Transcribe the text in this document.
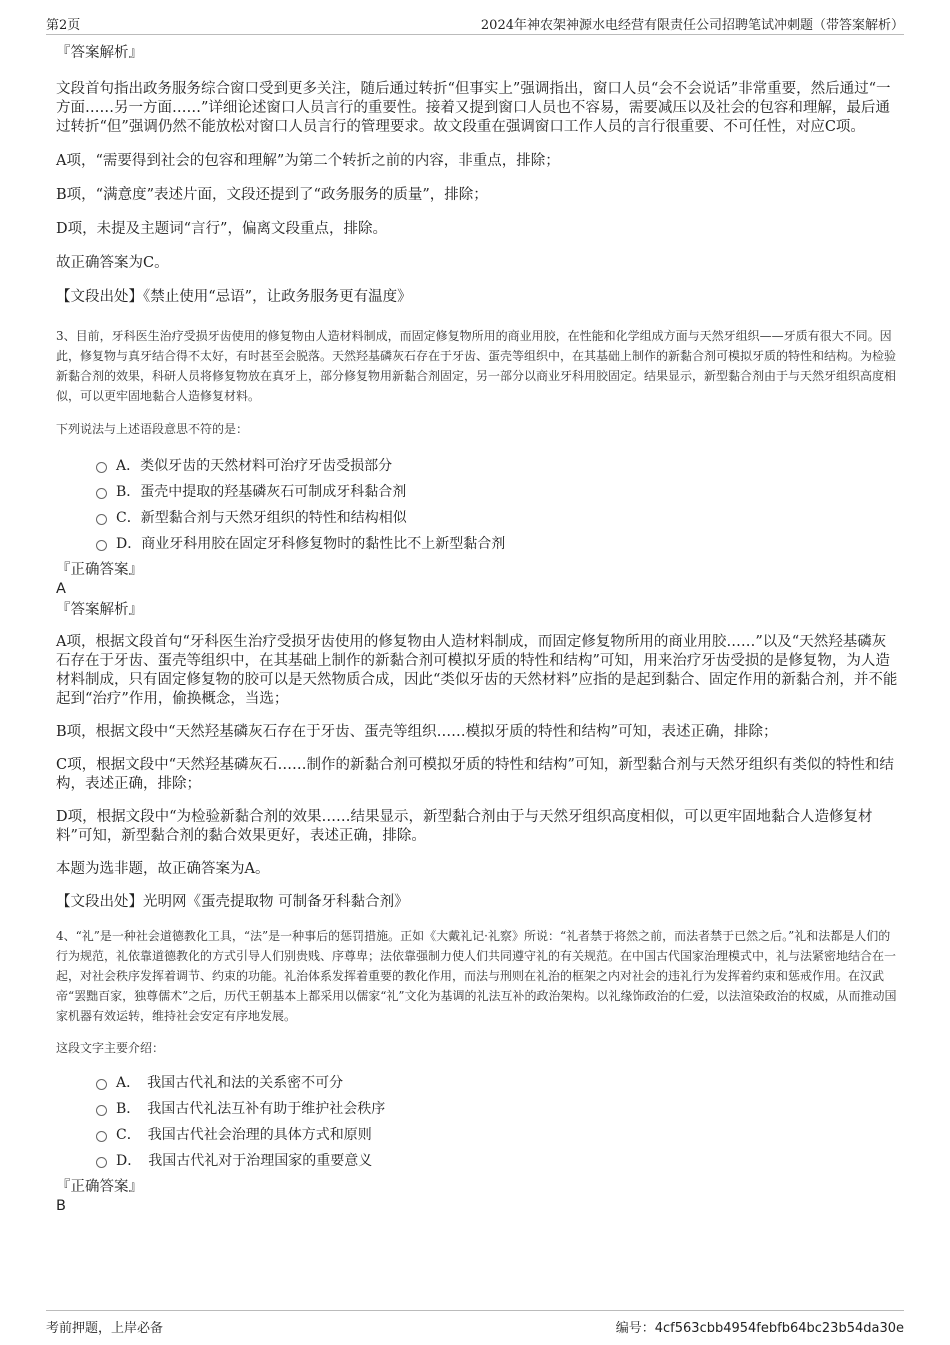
第2页	2024年神农架神源水电经营有限责任公司招聘笔试冲刺题（带答案解析）

『答案解析』

文段首句指出政务服务综合窗口受到更多关注，随后通过转折“但事实上”强调指出，窗口人员“会不会说话”非常重要，然后通过“一方面……另一方面……”详细论述窗口人员言行的重要性。接着又提到窗口人员也不容易，需要减压以及社会的包容和理解，最后通过转折“但”强调仍然不能放松对窗口人员言行的管理要求。故文段重在强调窗口工作人员的言行很重要、不可任性，对应C项。

A项，“需要得到社会的包容和理解”为第二个转折之前的内容，非重点，排除；

B项，“满意度”表述片面，文段还提到了“政务服务的质量”，排除；

D项，未提及主题词“言行”，偏离文段重点，排除。

故正确答案为C。

【文段出处】《禁止使用“忌语”，让政务服务更有温度》

3、目前，牙科医生治疗受损牙齿使用的修复物由人造材料制成，而固定修复物所用的商业用胶，在性能和化学组成方面与天然牙组织——牙质有很大不同。因此，修复物与真牙结合得不太好，有时甚至会脱落。天然羟基磷灰石存在于牙齿、蛋壳等组织中，在其基础上制作的新黏合剂可模拟牙质的特性和结构。为检验新黏合剂的效果，科研人员将修复物放在真牙上，部分修复物用新黏合剂固定，另一部分以商业牙科用胶固定。结果显示，新型黏合剂由于与天然牙组织高度相似，可以更牢固地黏合人造修复材料。

下列说法与上述语段意思不符的是：

A．类似牙齿的天然材料可治疗牙齿受损部分
B．蛋壳中提取的羟基磷灰石可制成牙科黏合剂
C．新型黏合剂与天然牙组织的特性和结构相似
D．商业牙科用胶在固定牙科修复物时的黏性比不上新型黏合剂

『正确答案』

A

『答案解析』

A项，根据文段首句“牙科医生治疗受损牙齿使用的修复物由人造材料制成，而固定修复物所用的商业用胶……”以及“天然羟基磷灰石存在于牙齿、蛋壳等组织中，在其基础上制作的新黏合剂可模拟牙质的特性和结构”可知，用来治疗牙齿受损的是修复物，为人造材料制成，只有固定修复物的胶可以是天然物质合成，因此“类似牙齿的天然材料”应指的是起到黏合、固定作用的新黏合剂，并不能起到“治疗”作用，偷换概念，当选；

B项，根据文段中“天然羟基磷灰石存在于牙齿、蛋壳等组织……模拟牙质的特性和结构”可知，表述正确，排除；

C项，根据文段中“天然羟基磷灰石……制作的新黏合剂可模拟牙质的特性和结构”可知，新型黏合剂与天然牙组织有类似的特性和结构，表述正确，排除；

D项，根据文段中“为检验新黏合剂的效果……结果显示，新型黏合剂由于与天然牙组织高度相似，可以更牢固地黏合人造修复材料”可知，新型黏合剂的黏合效果更好，表述正确，排除。

本题为选非题，故正确答案为A。

【文段出处】光明网《蛋壳提取物 可制备牙科黏合剂》

4、“礼”是一种社会道德教化工具，“法”是一种事后的惩罚措施。正如《大戴礼记·礼察》所说：“礼者禁于将然之前，而法者禁于已然之后。”礼和法都是人们的行为规范，礼依靠道德教化的方式引导人们别贵贱、序尊卑；法依靠强制力使人们共同遵守礼的有关规范。在中国古代国家治理模式中，礼与法紧密地结合在一起，对社会秩序发挥着调节、约束的功能。礼治体系发挥着重要的教化作用，而法与刑则在礼治的框架之内对社会的违礼行为发挥着约束和惩戒作用。在汉武帝“罢黜百家，独尊儒术”之后，历代王朝基本上都采用以儒家“礼”文化为基调的礼法互补的政治架构。以礼缘饰政治的仁爱，以法渲染政治的权威，从而推动国家机器有效运转，维持社会安定有序地发展。

这段文字主要介绍：

A．　我国古代礼和法的关系密不可分
B．　我国古代礼法互补有助于维护社会秩序
C．　我国古代社会治理的具体方式和原则
D．　我国古代礼对于治理国家的重要意义

『正确答案』

B

考前押题，上岸必备	编号：4cf563cbb4954febfb64bc23b54da30e
